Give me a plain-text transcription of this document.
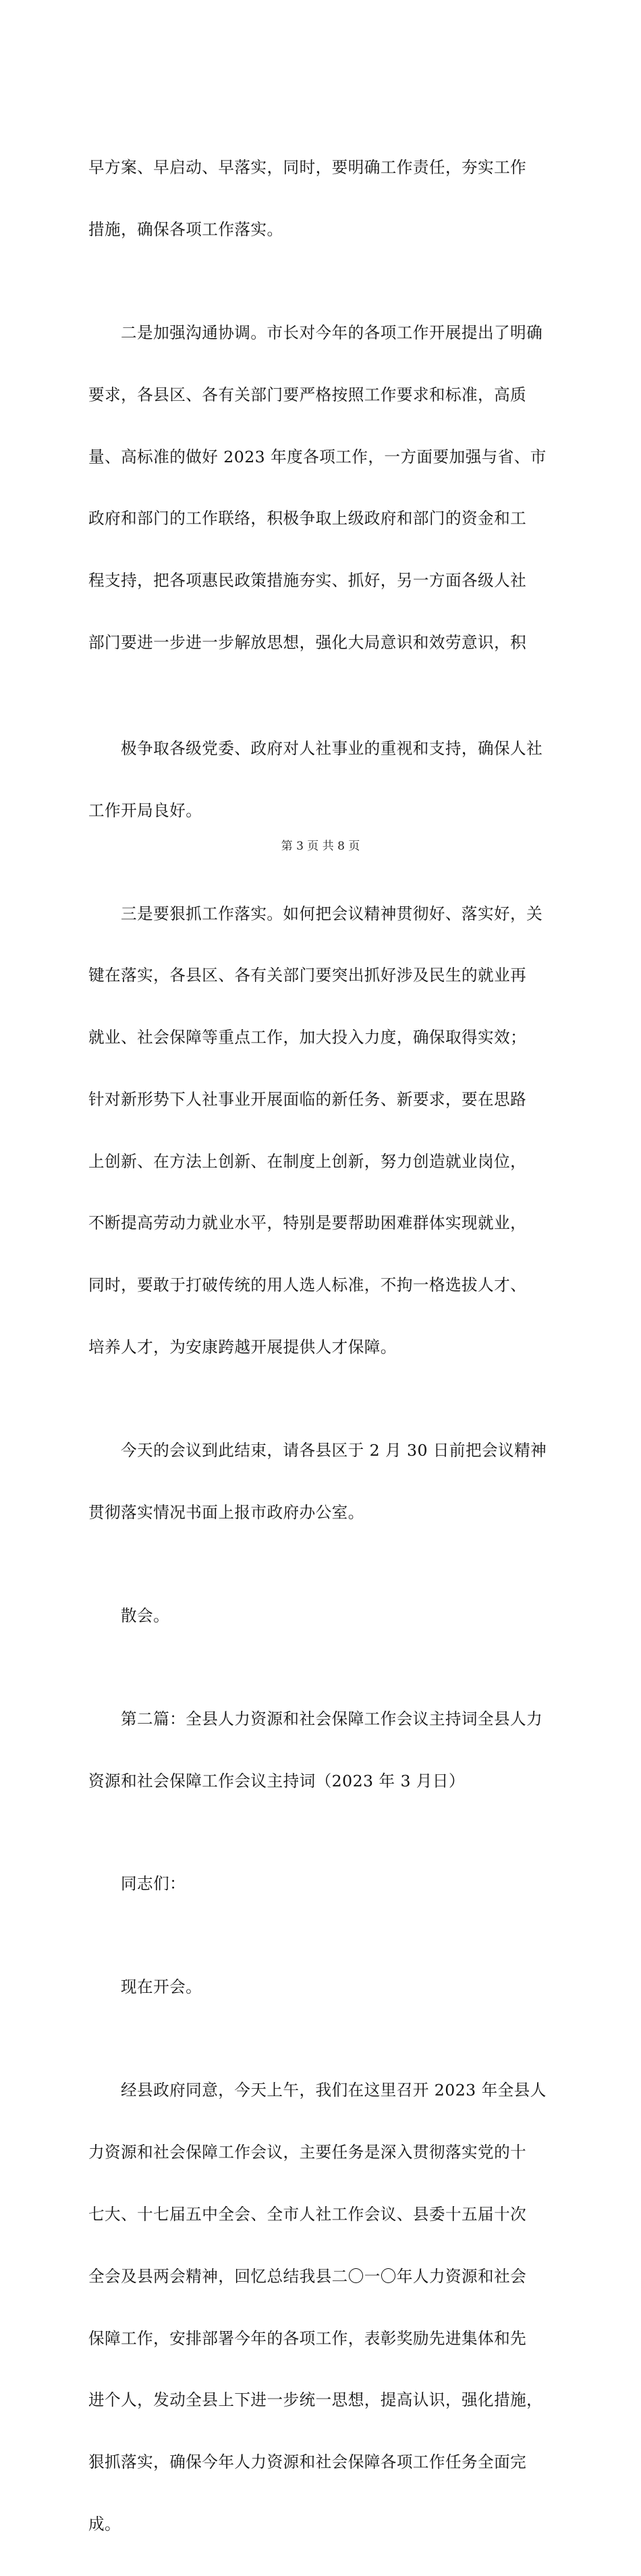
早方案、早启动、早落实，同时，要明确工作责任，夯实工作

措施，确保各项工作落实。

二是加强沟通协调。市长对今年的各项工作开展提出了明确

要求，各县区、各有关部门要严格按照工作要求和标准，高质

量、高标准的做好 2023 年度各项工作，一方面要加强与省、市

政府和部门的工作联络，积极争取上级政府和部门的资金和工

程支持，把各项惠民政策措施夯实、抓好，另一方面各级人社

部门要进一步进一步解放思想，强化大局意识和效劳意识，积

极争取各级党委、政府对人社事业的重视和支持，确保人社

工作开局良好。

三是要狠抓工作落实。如何把会议精神贯彻好、落实好，关

键在落实，各县区、各有关部门要突出抓好涉及民生的就业再

就业、社会保障等重点工作，加大投入力度，确保取得实效；

针对新形势下人社事业开展面临的新任务、新要求，要在思路

上创新、在方法上创新、在制度上创新，努力创造就业岗位，

不断提高劳动力就业水平，特别是要帮助困难群体实现就业，

同时，要敢于打破传统的用人选人标准，不拘一格选拔人才、

培养人才，为安康跨越开展提供人才保障。

今天的会议到此结束，请各县区于 2 月 30 日前把会议精神

贯彻落实情况书面上报市政府办公室。

散会。

第二篇：全县人力资源和社会保障工作会议主持词全县人力

资源和社会保障工作会议主持词（2023 年 3 月日）

同志们：

现在开会。

经县政府同意，今天上午，我们在这里召开 2023 年全县人

力资源和社会保障工作会议，主要任务是深入贯彻落实党的十

七大、十七届五中全会、全市人社工作会议、县委十五届十次

全会及县两会精神，回忆总结我县二〇一〇年人力资源和社会

保障工作，安排部署今年的各项工作，表彰奖励先进集体和先

进个人，发动全县上下进一步统一思想，提高认识，强化措施，

狠抓落实，确保今年人力资源和社会保障各项工作任务全面完

成。

第 3 页 共 8 页
